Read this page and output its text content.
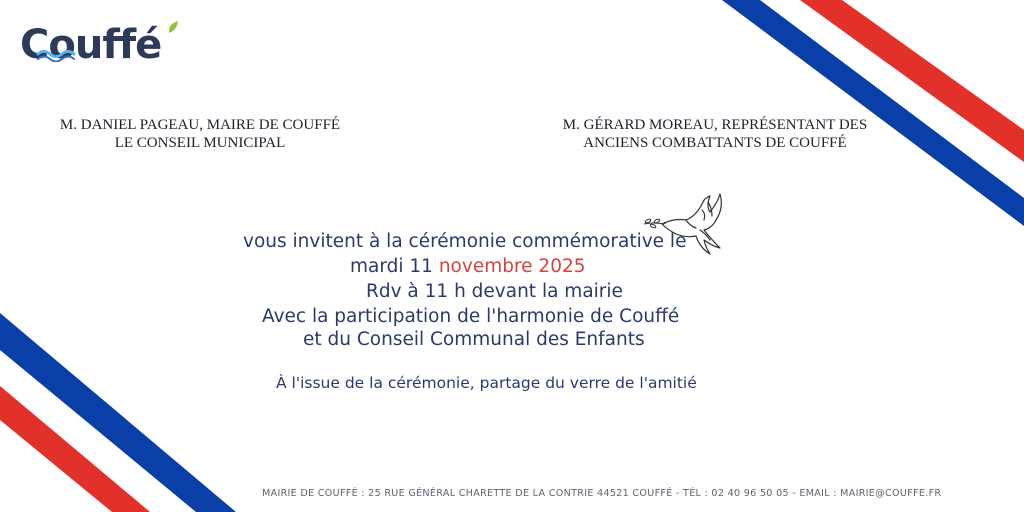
Couffé
M. DANIEL PAGEAU, MAIRE DE COUFFÉ
LE CONSEIL MUNICIPAL
M. GÉRARD MOREAU, REPRÉSENTANT DES
ANCIENS COMBATTANTS DE COUFFÉ
vous invitent à la cérémonie commémorative le
mardi 11 novembre 2025
Rdv à 11 h devant la mairie
Avec la participation de l'harmonie de Couffé
et du Conseil Communal des Enfants
À l'issue de la cérémonie, partage du verre de l'amitié
MAIRIE DE COUFFÉ : 25 RUE GÉNÉRAL CHARETTE DE LA CONTRIE 44521 COUFFÉ - TÉL : 02 40 96 50 05 - EMAIL : MAIRIE@COUFFE.FR
